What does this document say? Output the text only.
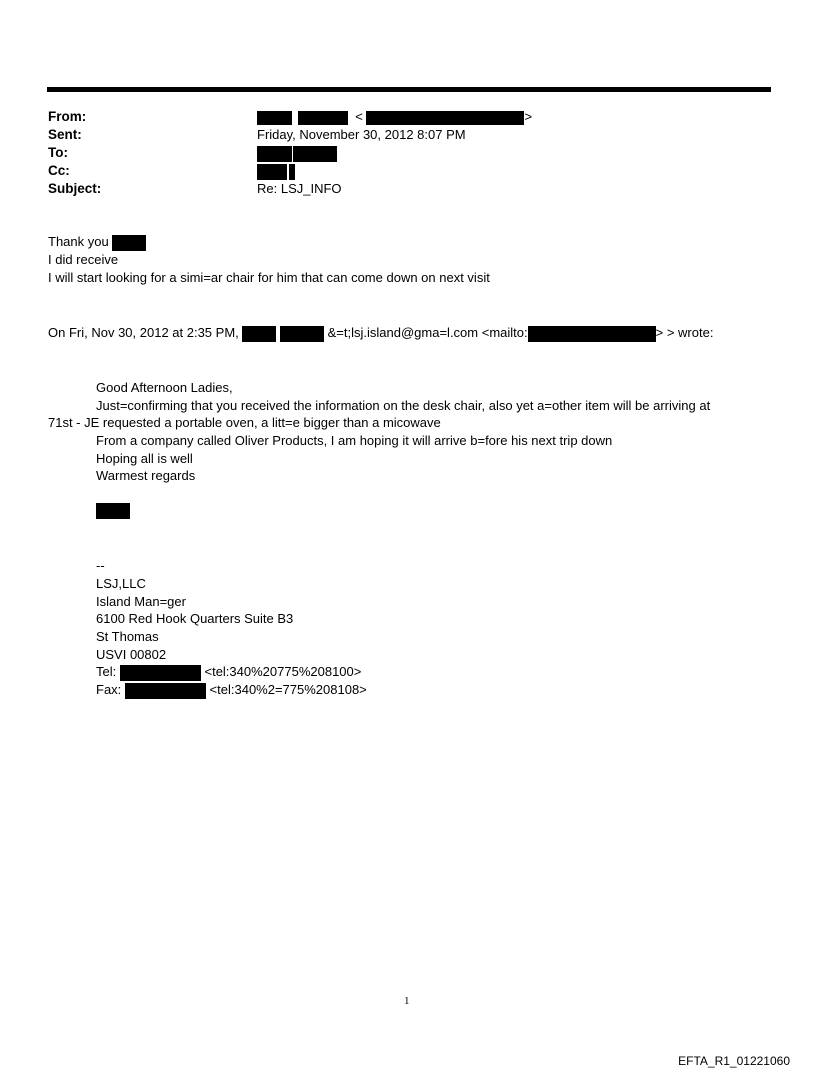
From:	<	>
Sent:	Friday, November 30, 2012 8:07 PM
To:

Cc:

Subject:	Re: LSJ_INFO
Thank you
I did receive
I will start looking for a simi=ar chair for him that can come down on next visit
On Fri, Nov 30, 2012 at 2:35 PM,	&=t;lsj.island@gma=l.com <mailto:	> > wrote:
Good Afternoon Ladies,
Just=confirming that you received the information on the desk chair, also yet a=other item will be arriving at
71st - JE requested a portable oven, a litt=e bigger than a micowave
From a company called Oliver Products, I am hoping it will arrive b=fore his next trip down
Hoping all is well
Warmest regards
--
LSJ,LLC
Island Man=ger
6100 Red Hook Quarters Suite B3
St Thomas
USVI 00802
Tel:	<tel:340%20775%208100>
Fax:	<tel:340%2=775%208108>
1
EFTA_R1_01221060
